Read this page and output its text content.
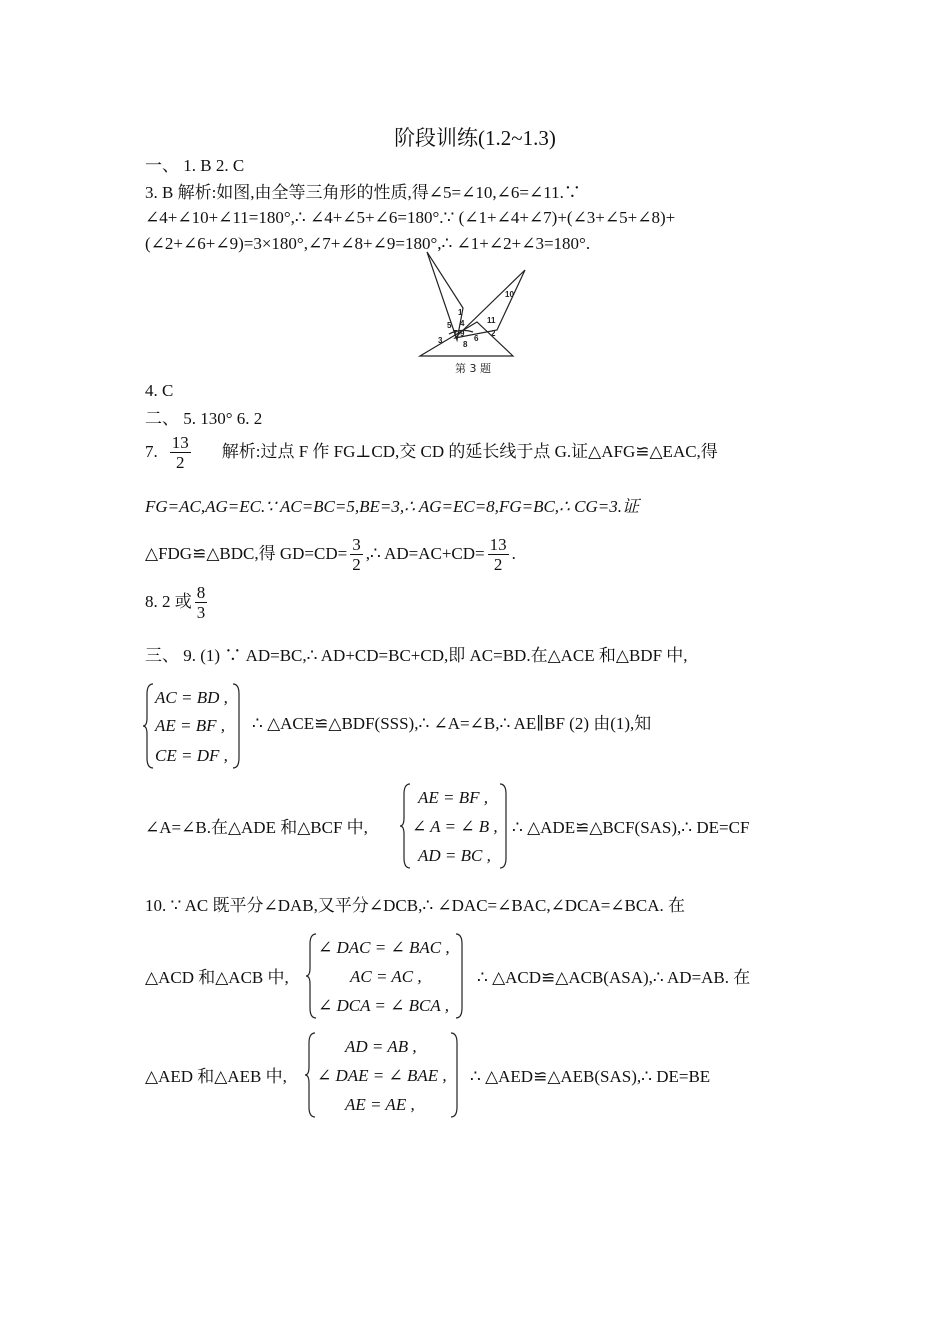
阶段训练(1.2~1.3)
一、 1. B 2. C
3. B 解析:如图,由全等三角形的性质,得∠5=∠10,∠6=∠11.∵
∠4+∠10+∠11=180°,∴ ∠4+∠5+∠6=180°.∵ (∠1+∠4+∠7)+(∠3+∠5+∠8)+
(∠2+∠6+∠9)=3×180°,∠7+∠8+∠9=180°,∴ ∠1+∠2+∠3=180°.
1
2
3
4
5
6
7
8
9
10
11
第 3 题
4. C
二、 5. 130° 6. 2
7. $\frac{13}{2}$ 解析:过点 F 作 FG⊥CD,交 CD 的延长线于点 G.证△AFG≌△EAC,得
FG=AC,AG=EC.∵ AC=BC=5,BE=3,∴ AG=EC=8,FG=BC,∴ CG=3.证
△FDG≌△BDC,得 $GD=CD= \frac{3}{2}$ ,∴ $AD=AC+CD= \frac{13}{2}$ .
8. 2 或 $\frac{8}{3}$
三、 9. (1) ∵ AD=BC,∴ AD+CD=BC+CD,即 AC=BD.在△ACE 和△BDF 中,
AC = BD ,
AE = BF ,
CE = DF ,
∴ △ACE≌△BDF(SSS),∴ ∠A=∠B,∴ AE∥BF (2) 由(1),知
∠A=∠B.在△ADE 和△BCF 中,
AE = BF ,
∠ A = ∠ B ,
AD = BC ,
∴ △ADE≌△BCF(SAS),∴ DE=CF
10. ∵ AC 既平分∠DAB,又平分∠DCB,∴ ∠DAC=∠BAC,∠DCA=∠BCA. 在
△ACD 和△ACB 中,
∠ DAC = ∠ BAC ,
AC = AC ,
∠ DCA = ∠ BCA ,
∴ △ACD≌△ACB(ASA),∴ AD=AB. 在
△AED 和△AEB 中,
AD = AB ,
∠ DAE = ∠ BAE ,
AE = AE ,
∴ △AED≌△AEB(SAS),∴ DE=BE
